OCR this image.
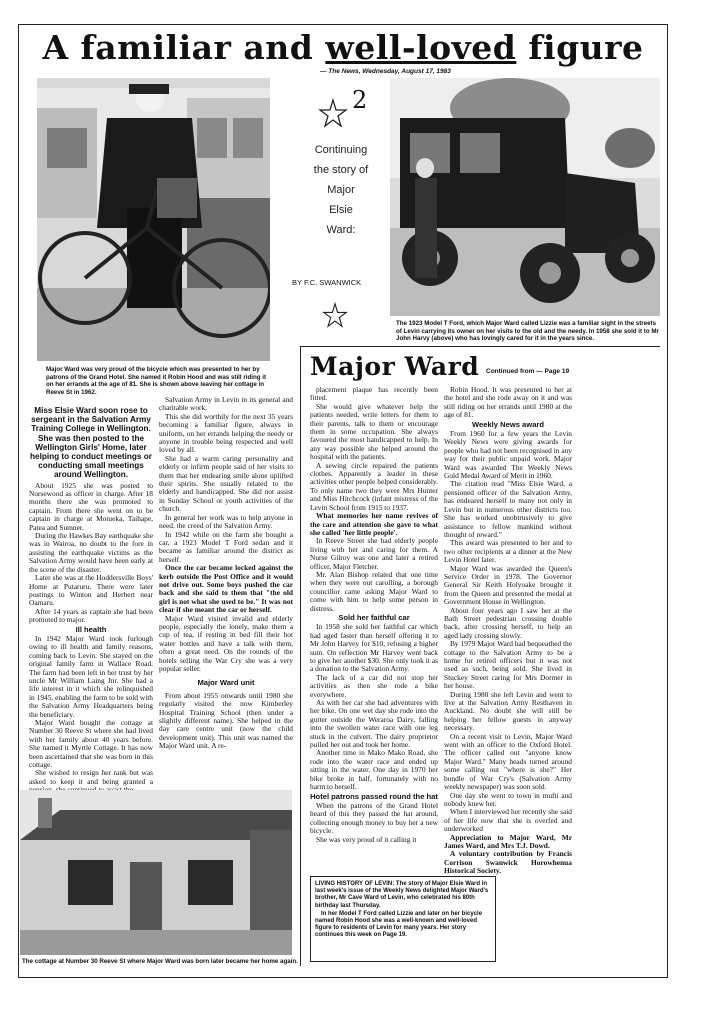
A familiar and well-loved figure
— The News, Wednesday, August 17, 1983
Major Ward was very proud of the bicycle which was presented to her by patrons of the Grand Hotel. She named it Robin Hood and was still riding it on her errands at the age of 81. She is shown above leaving her cottage in Reeve St in 1962.
2
Continuing
the story of
Major
Elsie
Ward:
BY F.C. SWANWICK
The 1923 Model T Ford, which Major Ward called Lizzie was a familiar sight in the streets of Levin carrying its owner on her visits to the old and the needy. In 1958 she sold it to Mr John Harvy (above) who has lovingly cared for it in the years since.
Miss Elsie Ward soon rose to sergeant in the Salvation Army Training College in Wellington. She was then posted to the Wellington Girls' Home, later helping to conduct meetings or conducting small meetings around Wellington.

About 1925 she was posted to Norsewood as officer in charge. After 18 months there she was promoted to captain. From there she went on to be captain in charge at Motueka, Taihape, Patea and Sumner.

During the Hawkes Bay earthquake she was in Wairoa, no doubt to the fore in assisting the earthquake victims as the Salvation Army would have been early at the scene of the disaster.

Later she was at the Hoddersville Boys' Home at Putaruru. There were later postings to Winton and Herbert near Oamaru.

After 14 years as captain she had been promoted to major.

Ill health

In 1942 Major Ward took furlough owing to ill health and family reasons, coming back to Levin. She stayed on the original family farm in Wallace Road. The farm had been left in her trust by her uncle Mr William Laing Jnr. She had a life interest in it which she relinquished in 1945, enabling the farm to be sold with the Salvation Army Headquarters being the beneficiary.

Major Ward bought the cottage at Number 30 Reeve St where she had lived with her family about 40 years before. She named it Myrtle Cottage. It has now been ascertained that she was born in this cottage.

She wished to resign her rank but was asked to keep it and being granted a

Salvation Army in Levin in its general and charitable work.

This she did worthily for the next 35 years becoming a familiar figure, always in uniform, on her errands helping the needy or anyone in trouble being respected and well loved by all.

She had a warm caring personality and elderly or infirm people said of her visits to them that her endearing smile alone uplifted their spirits. She usually related to the elderly and handicapped. She did not assist in Sunday School or youth activities of the church.

In general her work was to help anyone in need, the creed of the Salvation Army.

In 1942 while on the farm she bought a car, a 1923 Model T Ford sedan and it became as familiar around the district as herself.

Once the car became locked against the kerb outside the Post Office and it would not drive out. Some boys pushed the car back and she said to them that "the old girl is not what she used to be." It was not clear if she meant the car or herself.

Major Ward visited invalid and elderly people, especially the lonely, make them a cup of tea, if resting in bed fill their hot water bottles and have a talk with them, often a great need. On the rounds of the hotels selling the War Cry she was a very popular seller.

Major Ward unit

From about 1955 onwards until 1980 she regularly visited the now Kimberley Hospital Training School (then under a slightly different name). She helped in the day care centre unit (now the child development unit). This unit was named the Major Ward unit. A re-

The cottage at Number 30 Reeve St where Major Ward was born later became her home again.
Major Ward Continued from — Page 19

placement plaque has recently been fitted.

She would give whatever help the patients needed, write letters for them to their parents, talk to them or encourage them in some occupation. She always favoured the most handicapped to help. In any way possible she helped around the hospital with the patients.

A sewing circle repaired the patients clothes. Apparently a leader in these activities other people helped considerably. To only name two they were Mrs Hunter and Miss Hitchcock (infant mistress of the Levin School from 1915 to 1937.

What memories her name revives of the care and attention she gave to what she called 'her little people'.

In Reeve Street she had elderly people living with her and caring for them. A Nurse Gilroy was one and later a retired officer, Major Fletcher.

Mr. Alan Bishop related that one time when they were out carolling, a borough councillor came asking Major Ward to come with him to help some person in distress.

Sold her faithful car

In 1958 she sold her faithful car which had aged faster than herself offering it to Mr John Harvey for $10, refusing a higher sum. On reflection Mr Harvey went back to give her another $30. She only took it as a donation to the Salvation Army.

The lack of a car did not stop her activities as then she rode a bike everywhere.

As with her car she had adventures with her bike. On one wet day she rode into the gutter outside the Weraroa Dairy, falling into the swollen water race with one leg stuck in the culvert. The dairy proprietor pulled her out and took her home.

Another time in Mako Mako Road, she rode into the water race and ended up sitting in the water. One day in 1970 her bike broke in half, fortunately with no harm to herself.

Hotel patrons passed round the hat

When the patrons of the Grand Hotel heard of this they passed the hat around, collecting enough money to buy her a new bicycle.

She was very proud of it calling it

Robin Hood. It was presented to her at the hotel and she rode away on it and was still riding on her errands until 1980 at the age of 81.

Weekly News award

From 1960 for a few years the Levin Weekly News were giving awards for people who had not been recognised in any way for their public unpaid work. Major Ward was awarded The Weekly News Gold Medal Award of Merit in 1960.

The citation read "Miss Elsie Ward, a pensioned officer of the Salvation Army, has endeared herself to many not only in Levin but in numerous other districts too. She has worked unobtrusively to give assistance to fellow mankind without thought of reward."

This award was presented to her and to two other recipients at a dinner at the New Levin Hotel later.

Major Ward was awarded the Queen's Service Order in 1978. The Governor General Sir Keith Holyoake brought it from the Queen and presented the medal at Government House in Wellington.

About four years ago I saw her at the Bath Street pedestrian crossing double back, after crossing herself, to help an aged lady crossing slowly.

By 1979 Major Ward had bequeathed the cottage to the Salvation Army to be a home for retired officers but it was not used as such, being sold. She lived in Stuckey Street caring for Mrs Dormer in her house.

During 1980 she left Levin and went to live at the Salvation Army Resthaven in Auckland. No doubt she will still be helping her fellow guests in anyway necessary.

On a recent visit to Levin, Major Ward went with an officer to the Oxford Hotel. The officer called out "anyone know Major Ward." Many heads turned around some calling out "where is she?" Her bundle of War Cry's (Salvation Army weekly newspaper) was soon sold.

One day she went to town in mufti and nobody knew her.

When I interviewed her recently she said of her life now that she is overfed and underworked

Appreciation to Major Ward, Mr James Ward, and Mrs T.J. Dowd.

A voluntary contribution by Francis Corrison Swanwick Horowhenua Historical Society.

LIVING HISTORY OF LEVIN: The story of Major Elsie Ward in last week's issue of the Weekly News delighted Major Ward's brother, Mr Cave Ward of Levin, who celebrated his 80th birthday last Thursday.
In her Model T Ford called Lizzie and later on her bicycle named Robin Hood she was a well-known and well-loved figure to residents of Levin for many years. Her story continues this week on Page 19.
